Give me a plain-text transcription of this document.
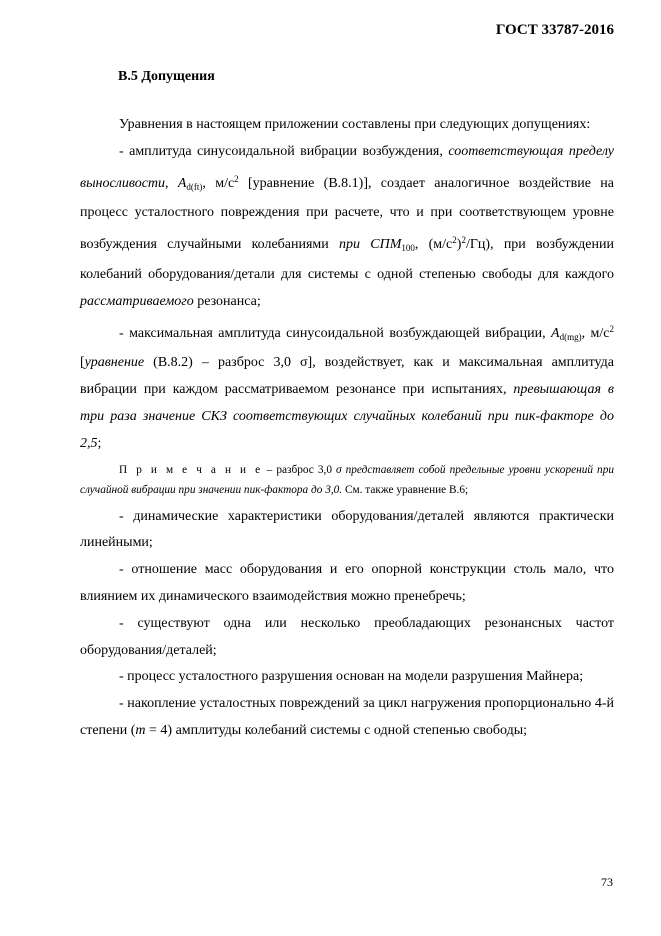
ГОСТ 33787-2016
В.5 Допущения

Уравнения в настоящем приложении составлены при следующих допущениях:

- амплитуда синусоидальной вибрации возбуждения, соответствующая пределу выносливости, $A_{d(ft)}$, $м/с^2$ [уравнение (В.8.1)], создает аналогичное воздействие на процесс усталостного повреждения при расчете, что и при соответствующем уровне возбуждения случайными колебаниями при $СПМ_{100}$, $(м/с^2)^2/Гц$), при возбуждении колебаний оборудования/детали для системы с одной степенью свободы для каждого рассматриваемого резонанса;

- максимальная амплитуда синусоидальной возбуждающей вибрации, $A_{d(mg)}$, $м/с^2$ [уравнение (В.8.2) – разброс 3,0 σ], воздействует, как и максимальная амплитуда вибрации при каждом рассматриваемом резонансе при испытаниях, превышающая в три раза значение СКЗ соответствующих случайных колебаний при пик-факторе до 2,5;

П р и м е ч а н и е – разброс 3,0 σ представляет собой предельные уровни ускорений при случайной вибрации при значении пик-фактора до 3,0. См. также уравнение В.6;

- динамические характеристики оборудования/деталей являются практически линейными;

- отношение масс оборудования и его опорной конструкции столь мало, что влиянием их динамического взаимодействия можно пренебречь;

- существуют одна или несколько преобладающих резонансных частот оборудования/деталей;

- процесс усталостного разрушения основан на модели разрушения Майнера;

- накопление усталостных повреждений за цикл нагружения пропорционально 4-й степени (m = 4) амплитуды колебаний системы с одной степенью свободы;

73
